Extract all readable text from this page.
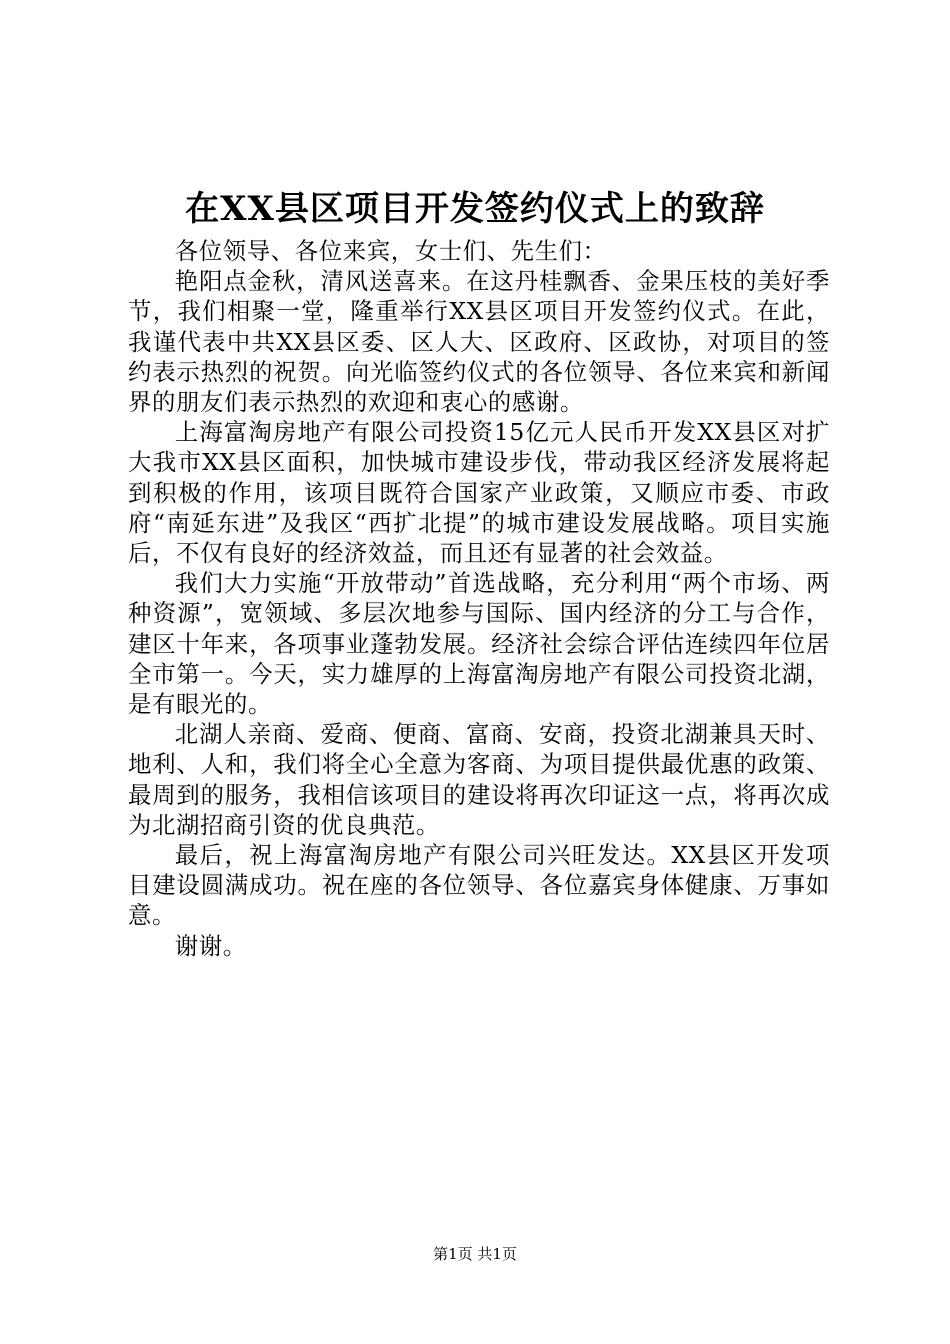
在XX县区项目开发签约仪式上的致辞

各位领导、各位来宾，女士们、先生们：

艳阳点金秋，清风送喜来。在这丹桂飘香、金果压枝的美好季节，我们相聚一堂，隆重举行XX县区项目开发签约仪式。在此，我谨代表中共XX县区委、区人大、区政府、区政协，对项目的签约表示热烈的祝贺。向光临签约仪式的各位领导、各位来宾和新闻界的朋友们表示热烈的欢迎和衷心的感谢。

上海富淘房地产有限公司投资15亿元人民币开发XX县区对扩大我市XX县区面积，加快城市建设步伐，带动我区经济发展将起到积极的作用，该项目既符合国家产业政策，又顺应市委、市政府“南延东进”及我区“西扩北提”的城市建设发展战略。项目实施后，不仅有良好的经济效益，而且还有显著的社会效益。

我们大力实施“开放带动”首选战略，充分利用“两个市场、两种资源”，宽领域、多层次地参与国际、国内经济的分工与合作，建区十年来，各项事业蓬勃发展。经济社会综合评估连续四年位居全市第一。今天，实力雄厚的上海富淘房地产有限公司投资北湖，是有眼光的。

北湖人亲商、爱商、便商、富商、安商，投资北湖兼具天时、地利、人和，我们将全心全意为客商、为项目提供最优惠的政策、最周到的服务，我相信该项目的建设将再次印证这一点，将再次成为北湖招商引资的优良典范。

最后，祝上海富淘房地产有限公司兴旺发达。XX县区开发项目建设圆满成功。祝在座的各位领导、各位嘉宾身体健康、万事如意。

谢谢。

第1页 共1页
